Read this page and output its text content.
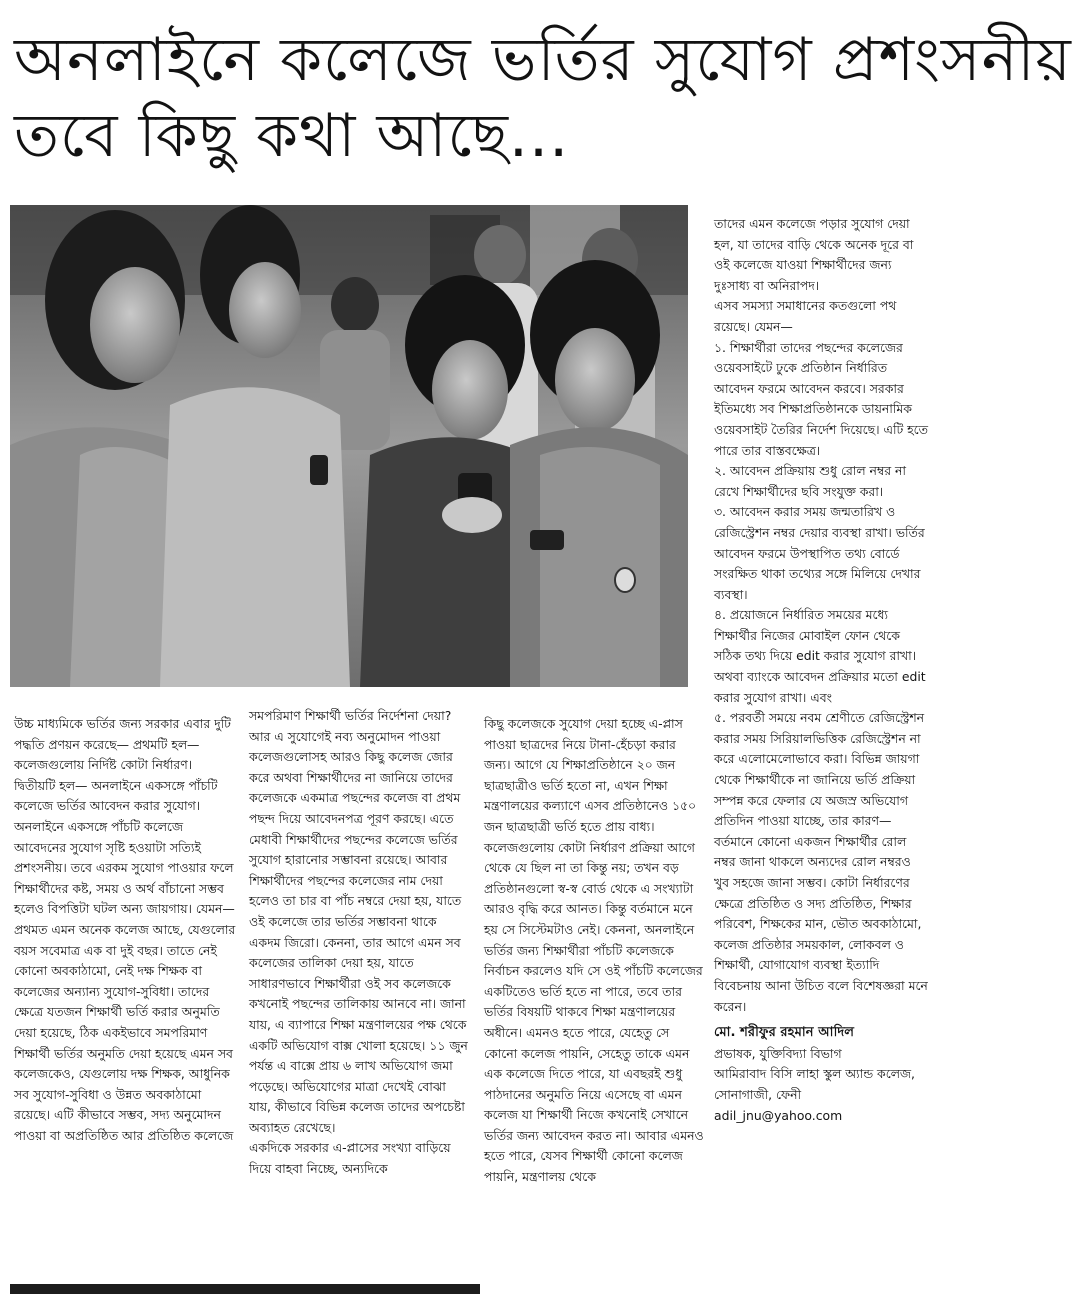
অনলাইনে কলেজে ভর্তির সুযোগ প্রশংসনীয়
তবে কিছু কথা আছে...

উচ্চ মাধ্যমিকে ভর্তির জন্য সরকার এবার দুটি পদ্ধতি প্রণয়ন করেছে— প্রথমটি হল— কলেজগুলোয় নির্দিষ্ট কোটা নির্ধারণ।

দ্বিতীয়টি হল— অনলাইনে একসঙ্গে পাঁচটি কলেজে ভর্তির আবেদন করার সুযোগ।

অনলাইনে একসঙ্গে পাঁচটি কলেজে আবেদনের সুযোগ সৃষ্টি হওয়াটা সত্যিই প্রশংসনীয়। তবে এরকম সুযোগ পাওয়ার ফলে শিক্ষার্থীদের কষ্ট, সময় ও অর্থ বাঁচানো সম্ভব হলেও বিপত্তিটা ঘটল অন্য জায়গায়। যেমন—

প্রথমত এমন অনেক কলেজ আছে, যেগুলোর বয়স সবেমাত্র এক বা দুই বছর। তাতে নেই কোনো অবকাঠামো, নেই দক্ষ শিক্ষক বা কলেজের অন্যান্য সুযোগ-সুবিধা। তাদের ক্ষেত্রে যতজন শিক্ষার্থী ভর্তি করার অনুমতি দেয়া হয়েছে, ঠিক একইভাবে সমপরিমাণ শিক্ষার্থী ভর্তির অনুমতি দেয়া হয়েছে এমন সব কলেজকেও, যেগুলোয় দক্ষ শিক্ষক, আধুনিক সব সুযোগ-সুবিধা ও উন্নত অবকাঠামো রয়েছে। এটি কীভাবে সম্ভব, সদ্য অনুমোদন পাওয়া বা অপ্রতিষ্ঠিত আর প্রতিষ্ঠিত কলেজে

সমপরিমাণ শিক্ষার্থী ভর্তির নির্দেশনা দেয়া? আর এ সুযোগেই নব্য অনুমোদন পাওয়া কলেজগুলোসহ আরও কিছু কলেজ জোর করে অথবা শিক্ষার্থীদের না জানিয়ে তাদের কলেজকে একমাত্র পছন্দের কলেজ বা প্রথম পছন্দ দিয়ে আবেদনপত্র পূরণ করছে। এতে মেধাবী শিক্ষার্থীদের পছন্দের কলেজে ভর্তির সুযোগ হারানোর সম্ভাবনা রয়েছে। আবার শিক্ষার্থীদের পছন্দের কলেজের নাম দেয়া হলেও তা চার বা পাঁচ নম্বরে দেয়া হয়, যাতে ওই কলেজে তার ভর্তির সম্ভাবনা থাকে একদম জিরো। কেননা, তার আগে এমন সব কলেজের তালিকা দেয়া হয়, যাতে সাধারণভাবে শিক্ষার্থীরা ওই সব কলেজকে কখনোই পছন্দের তালিকায় আনবে না। জানা যায়, এ ব্যাপারে শিক্ষা মন্ত্রণালয়ের পক্ষ থেকে একটি অভিযোগ বাক্স খোলা হয়েছে। ১১ জুন পর্যন্ত এ বাক্সে প্রায় ৬ লাখ অভিযোগ জমা পড়েছে। অভিযোগের মাত্রা দেখেই বোঝা যায়, কীভাবে বিভিন্ন কলেজ তাদের অপচেষ্টা অব্যাহত রেখেছে।

একদিকে সরকার এ-প্লাসের সংখ্যা বাড়িয়ে দিয়ে বাহবা নিচ্ছে, অন্যদিকে

কিছু কলেজকে সুযোগ দেয়া হচ্ছে এ-প্লাস পাওয়া ছাত্রদের নিয়ে টানা-হেঁচড়া করার জন্য। আগে যে শিক্ষাপ্রতিষ্ঠানে ২০ জন ছাত্রছাত্রীও ভর্তি হতো না, এখন শিক্ষা মন্ত্রণালয়ের কল্যাণে এসব প্রতিষ্ঠানেও ১৫০ জন ছাত্রছাত্রী ভর্তি হতে প্রায় বাধ্য। কলেজগুলোয় কোটা নির্ধারণ প্রক্রিয়া আগে থেকে যে ছিল না তা কিন্তু নয়; তখন বড় প্রতিষ্ঠানগুলো স্ব-স্ব বোর্ড থেকে এ সংখ্যাটা আরও বৃদ্ধি করে আনত। কিন্তু বর্তমানে মনে হয় সে সিস্টেমটাও নেই। কেননা, অনলাইনে ভর্তির জন্য শিক্ষার্থীরা পাঁচটি কলেজকে নির্বাচন করলেও যদি সে ওই পাঁচটি কলেজের একটিতেও ভর্তি হতে না পারে, তবে তার ভর্তির বিষয়টি থাকবে শিক্ষা মন্ত্রণালয়ের অধীনে। এমনও হতে পারে, যেহেতু সে কোনো কলেজ পায়নি, সেহেতু তাকে এমন এক কলেজে দিতে পারে, যা এবছরই শুধু পাঠদানের অনুমতি নিয়ে এসেছে বা এমন কলেজ যা শিক্ষার্থী নিজে কখনোই সেখানে ভর্তির জন্য আবেদন করত না। আবার এমনও হতে পারে, যেসব শিক্ষার্থী কোনো কলেজ পায়নি, মন্ত্রণালয় থেকে

তাদের এমন কলেজে পড়ার সুযোগ দেয়া হল, যা তাদের বাড়ি থেকে অনেক দূরে বা ওই কলেজে যাওয়া শিক্ষার্থীদের জন্য দুঃসাধ্য বা অনিরাপদ।

এসব সমস্যা সমাধানের কতগুলো পথ রয়েছে। যেমন—

১. শিক্ষার্থীরা তাদের পছন্দের কলেজের ওয়েবসাইটে ঢুকে প্রতিষ্ঠান নির্ধারিত আবেদন ফরমে আবেদন করবে। সরকার ইতিমধ্যে সব শিক্ষাপ্রতিষ্ঠানকে ডায়নামিক ওয়েবসাইট তৈরির নির্দেশ দিয়েছে। এটি হতে পারে তার বাস্তবক্ষেত্র।

২. আবেদন প্রক্রিয়ায় শুধু রোল নম্বর না রেখে শিক্ষার্থীদের ছবি সংযুক্ত করা।

৩. আবেদন করার সময় জন্মতারিখ ও রেজিস্ট্রেশন নম্বর দেয়ার ব্যবস্থা রাখা। ভর্তির আবেদন ফরমে উপস্থাপিত তথ্য বোর্ডে সংরক্ষিত থাকা তথ্যের সঙ্গে মিলিয়ে দেখার ব্যবস্থা।

৪. প্রয়োজনে নির্ধারিত সময়ের মধ্যে শিক্ষার্থীর নিজের মোবাইল ফোন থেকে সঠিক তথ্য দিয়ে edit করার সুযোগ রাখা। অথবা ব্যাংকে আবেদন প্রক্রিয়ার মতো edit করার সুযোগ রাখা। এবং

৫. পরবর্তী সময়ে নবম শ্রেণীতে রেজিস্ট্রেশন করার সময় সিরিয়ালভিত্তিক রেজিস্ট্রেশন না করে এলোমেলোভাবে করা। বিভিন্ন জায়গা থেকে শিক্ষার্থীকে না জানিয়ে ভর্তি প্রক্রিয়া সম্পন্ন করে ফেলার যে অজস্র অভিযোগ প্রতিদিন পাওয়া যাচ্ছে, তার কারণ— বর্তমানে কোনো একজন শিক্ষার্থীর রোল নম্বর জানা থাকলে অন্যদের রোল নম্বরও খুব সহজে জানা সম্ভব। কোটা নির্ধারণের ক্ষেত্রে প্রতিষ্ঠিত ও সদ্য প্রতিষ্ঠিত, শিক্ষার পরিবেশ, শিক্ষকের মান, ভৌত অবকাঠামো, কলেজ প্রতিষ্ঠার সময়কাল, লোকবল ও শিক্ষার্থী, যোগাযোগ ব্যবস্থা ইত্যাদি বিবেচনায় আনা উচিত বলে বিশেষজ্ঞরা মনে করেন।

মো. শরীফুর রহমান আদিল

প্রভাষক, যুক্তিবিদ্যা বিভাগ

আমিরাবাদ বিসি লাহা স্কুল অ্যান্ড কলেজ, সোনাগাজী, ফেনী

adil_jnu@yahoo.com
